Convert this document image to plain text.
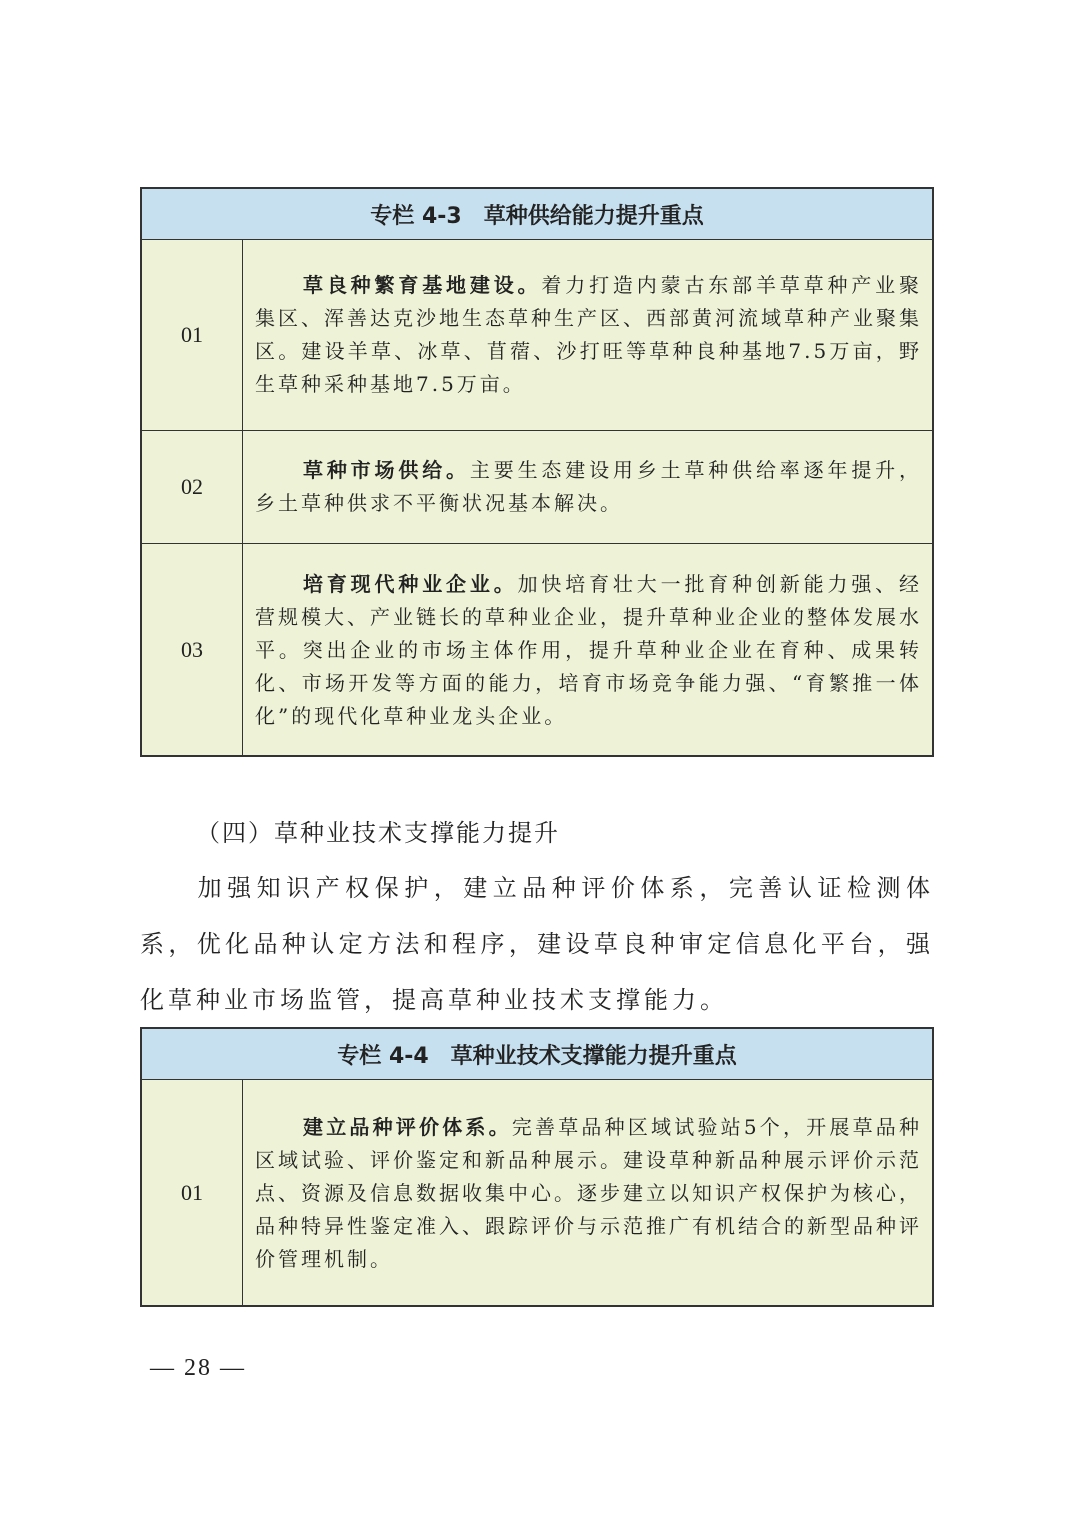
专栏 4-3　草种供给能力提升重点
01

草良种繁育基地建设。着力打造内蒙古东部羊草草种产业聚集区、浑善达克沙地生态草种生产区、西部黄河流域草种产业聚集区。建设羊草、冰草、苜蓿、沙打旺等草种良种基地7.5万亩，野生草种采种基地7.5万亩。

02

草种市场供给。主要生态建设用乡土草种供给率逐年提升，乡土草种供求不平衡状况基本解决。

03

培育现代种业企业。加快培育壮大一批育种创新能力强、经营规模大、产业链长的草种业企业，提升草种业企业的整体发展水平。突出企业的市场主体作用，提升草种业企业在育种、成果转化、市场开发等方面的能力，培育市场竞争能力强、“育繁推一体化”的现代化草种业龙头企业。

（四）草种业技术支撑能力提升

加强知识产权保护，建立品种评价体系，完善认证检测体系，优化品种认定方法和程序，建设草良种审定信息化平台，强化草种业市场监管，提高草种业技术支撑能力。

专栏 4-4　草种业技术支撑能力提升重点
01

建立品种评价体系。完善草品种区域试验站5个，开展草品种区域试验、评价鉴定和新品种展示。建设草种新品种展示评价示范点、资源及信息数据收集中心。逐步建立以知识产权保护为核心，品种特异性鉴定准入、跟踪评价与示范推广有机结合的新型品种评价管理机制。

— 28 —
